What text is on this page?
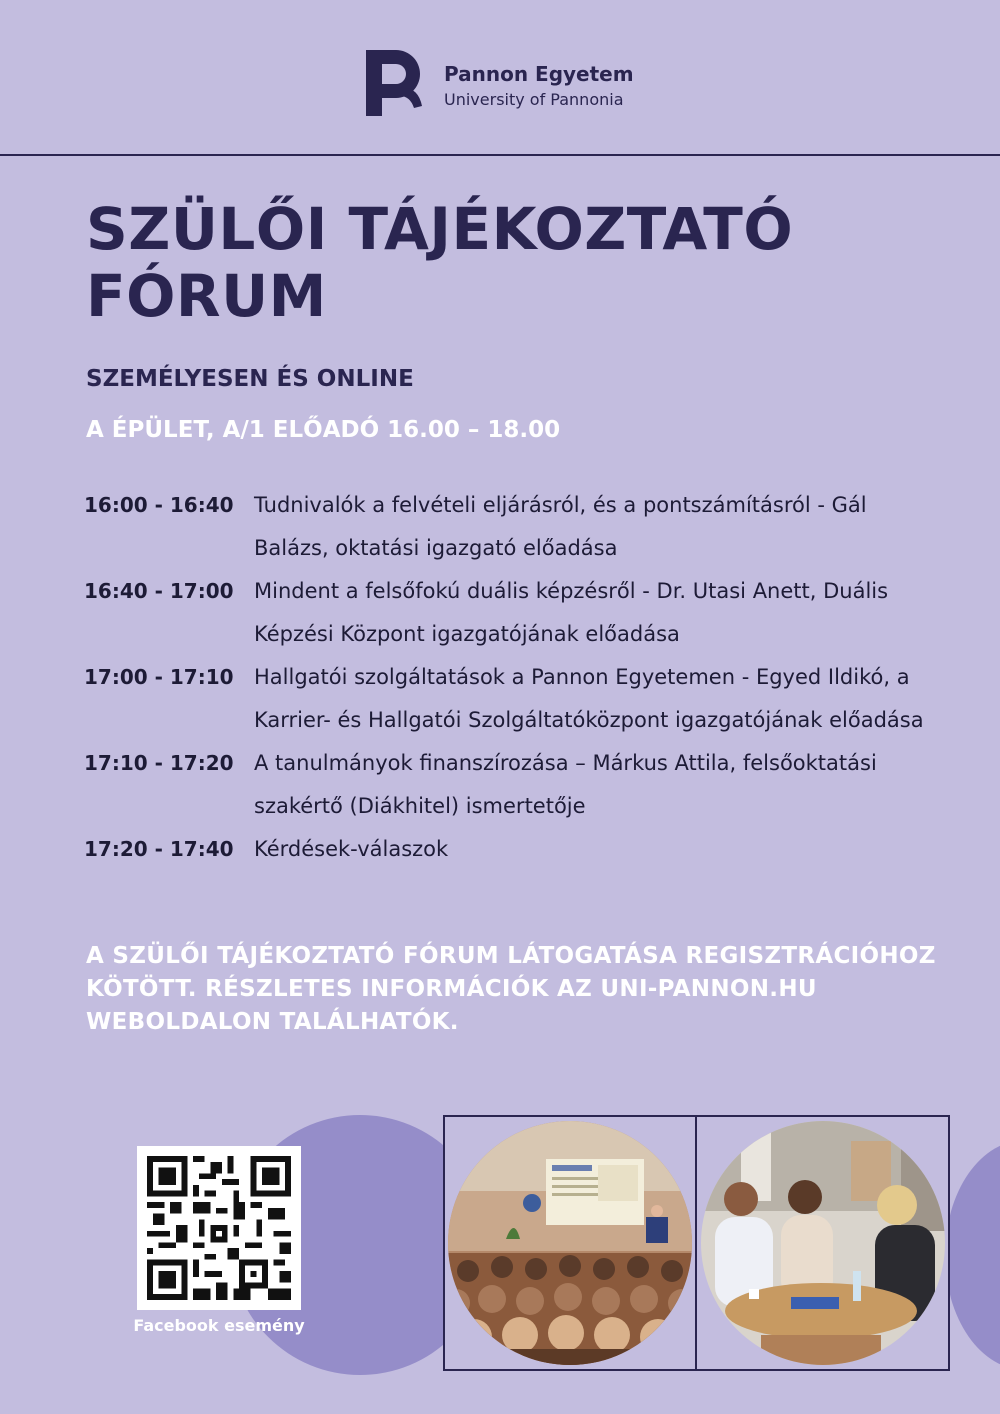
Pannon Egyetem
University of Pannonia
SZÜLŐI TÁJÉKOZTATÓ
FÓRUM
SZEMÉLYESEN ÉS ONLINE
A ÉPÜLET, A/1 ELŐADÓ 16.00 – 18.00
16:00 - 16:40 Tudnivalók a felvételi eljárásról, és a pontszámításról - Gál Balázs, oktatási igazgató előadása
16:40 - 17:00 Mindent a felsőfokú duális képzésről - Dr. Utasi Anett, Duális Képzési Központ igazgatójának előadása
17:00 - 17:10 Hallgatói szolgáltatások a Pannon Egyetemen - Egyed Ildikó, a Karrier- és Hallgatói Szolgáltatóközpont igazgatójának előadása
17:10 - 17:20 A tanulmányok finanszírozása – Márkus Attila, felsőoktatási szakértő (Diákhitel) ismertetője
17:20 - 17:40 Kérdések-válaszok
A SZÜLŐI TÁJÉKOZTATÓ FÓRUM LÁTOGATÁSA REGISZTRÁCIÓHOZ
KÖTÖTT. RÉSZLETES INFORMÁCIÓK AZ UNI-PANNON.HU
WEBOLDALON TALÁLHATÓK.
Facebook esemény
